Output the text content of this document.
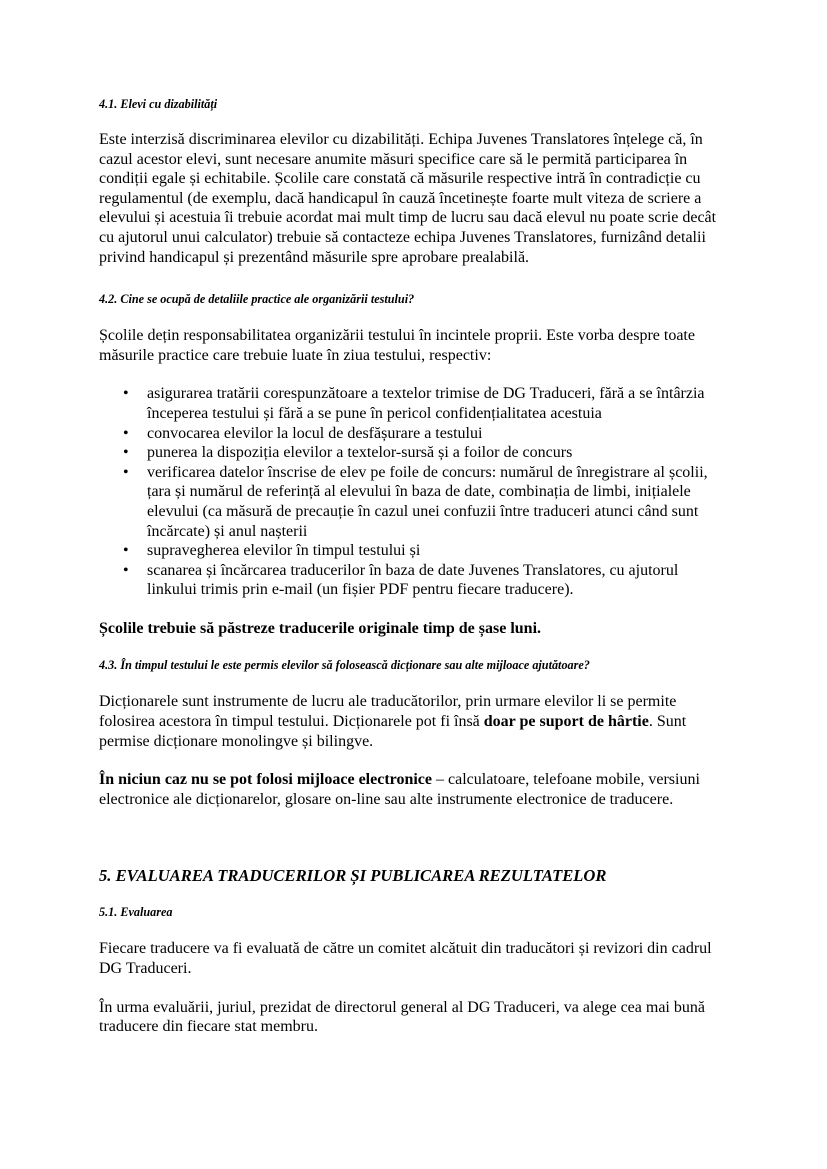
4.1. Elevi cu dizabilități

Este interzisă discriminarea elevilor cu dizabilități. Echipa Juvenes Translatores înțelege că, în cazul acestor elevi, sunt necesare anumite măsuri specifice care să le permită participarea în condiții egale și echitabile. Școlile care constată că măsurile respective intră în contradicție cu regulamentul (de exemplu, dacă handicapul în cauză încetinește foarte mult viteza de scriere a elevului și acestuia îi trebuie acordat mai mult timp de lucru sau dacă elevul nu poate scrie decât cu ajutorul unui calculator) trebuie să contacteze echipa Juvenes Translatores, furnizând detalii privind handicapul și prezentând măsurile spre aprobare prealabilă.

4.2. Cine se ocupă de detaliile practice ale organizării testului?

Școlile dețin responsabilitatea organizării testului în incintele proprii. Este vorba despre toate măsurile practice care trebuie luate în ziua testului, respectiv:

• asigurarea tratării corespunzătoare a textelor trimise de DG Traduceri, fără a se întârzia începerea testului și fără a se pune în pericol confidențialitatea acestuia
• convocarea elevilor la locul de desfășurare a testului
• punerea la dispoziția elevilor a textelor-sursă și a foilor de concurs
• verificarea datelor înscrise de elev pe foile de concurs: numărul de înregistrare al școlii, țara și numărul de referință al elevului în baza de date, combinația de limbi, inițialele elevului (ca măsură de precauție în cazul unei confuzii între traduceri atunci când sunt încărcate) și anul nașterii
• supravegherea elevilor în timpul testului și
• scanarea și încărcarea traducerilor în baza de date Juvenes Translatores, cu ajutorul linkului trimis prin e-mail (un fișier PDF pentru fiecare traducere).

Școlile trebuie să păstreze traducerile originale timp de șase luni.

4.3. În timpul testului le este permis elevilor să folosească dicționare sau alte mijloace ajutătoare?

Dicționarele sunt instrumente de lucru ale traducătorilor, prin urmare elevilor li se permite folosirea acestora în timpul testului. Dicționarele pot fi însă doar pe suport de hârtie. Sunt permise dicționare monolingve și bilingve.

În niciun caz nu se pot folosi mijloace electronice – calculatoare, telefoane mobile, versiuni electronice ale dicționarelor, glosare on-line sau alte instrumente electronice de traducere.

5. EVALUAREA TRADUCERILOR ȘI PUBLICAREA REZULTATELOR

5.1. Evaluarea

Fiecare traducere va fi evaluată de către un comitet alcătuit din traducători și revizori din cadrul DG Traduceri.

În urma evaluării, juriul, prezidat de directorul general al DG Traduceri, va alege cea mai bună traducere din fiecare stat membru.
